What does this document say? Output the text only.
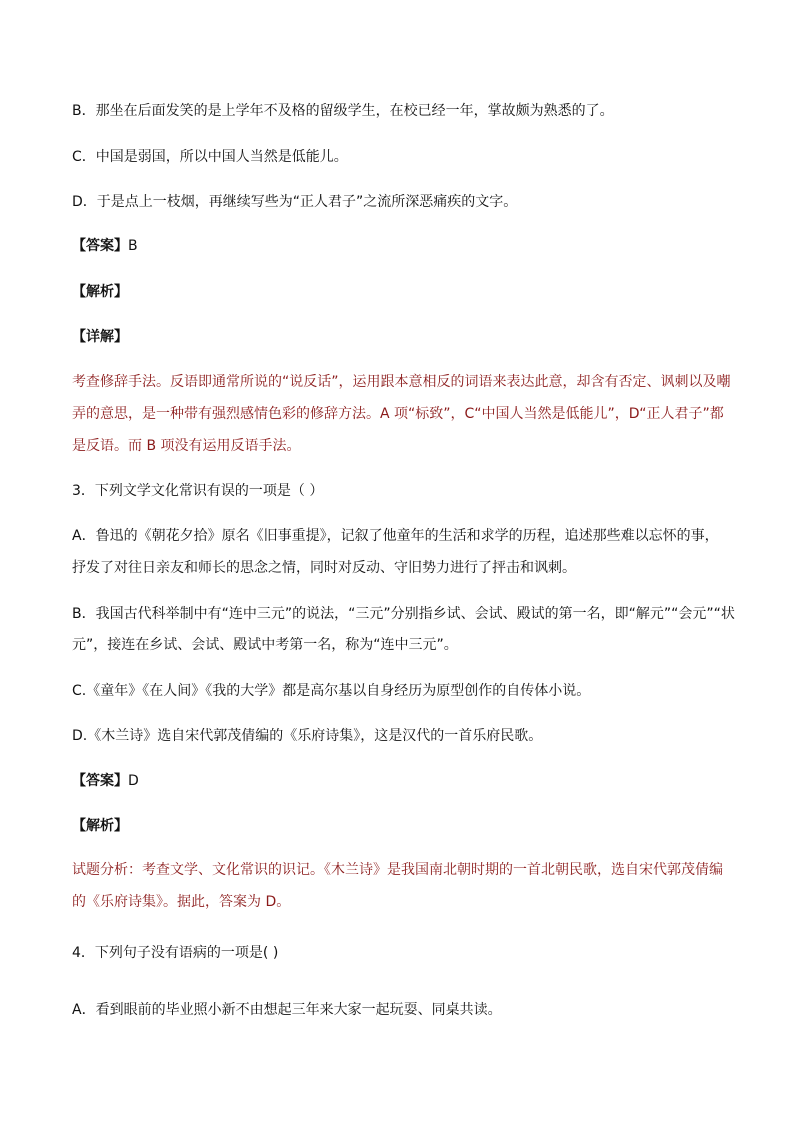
B．那坐在后面发笑的是上学年不及格的留级学生，在校已经一年，掌故颇为熟悉的了。
C．中国是弱国，所以中国人当然是低能儿。
D．于是点上一枝烟，再继续写些为“正人君子”之流所深恶痛疾的文字。
【答案】B
【解析】
【详解】
考查修辞手法。反语即通常所说的“说反话”，运用跟本意相反的词语来表达此意，却含有否定、讽刺以及嘲
弄的意思，是一种带有强烈感情色彩的修辞方法。A 项“标致”，C“中国人当然是低能儿”，D“正人君子”都
是反语。而 B 项没有运用反语手法。
3．下列文学文化常识有误的一项是（ ）
A．鲁迅的《朝花夕拾》原名《旧事重提》，记叙了他童年的生活和求学的历程，追述那些难以忘怀的事，
抒发了对往日亲友和师长的思念之情，同时对反动、守旧势力进行了抨击和讽刺。
B．我国古代科举制中有“连中三元”的说法，“三元”分别指乡试、会试、殿试的第一名，即“解元”“会元”“状
元”，接连在乡试、会试、殿试中考第一名，称为“连中三元”。
C.《童年》《在人间》《我的大学》都是高尔基以自身经历为原型创作的自传体小说。
D.《木兰诗》选自宋代郭茂倩编的《乐府诗集》，这是汉代的一首乐府民歌。
【答案】D
【解析】
试题分析：考查文学、文化常识的识记。《木兰诗》是我国南北朝时期的一首北朝民歌，选自宋代郭茂倩编
的《乐府诗集》。据此，答案为 D。
4．下列句子没有语病的一项是( )
A．看到眼前的毕业照小新不由想起三年来大家一起玩耍、同桌共读。
